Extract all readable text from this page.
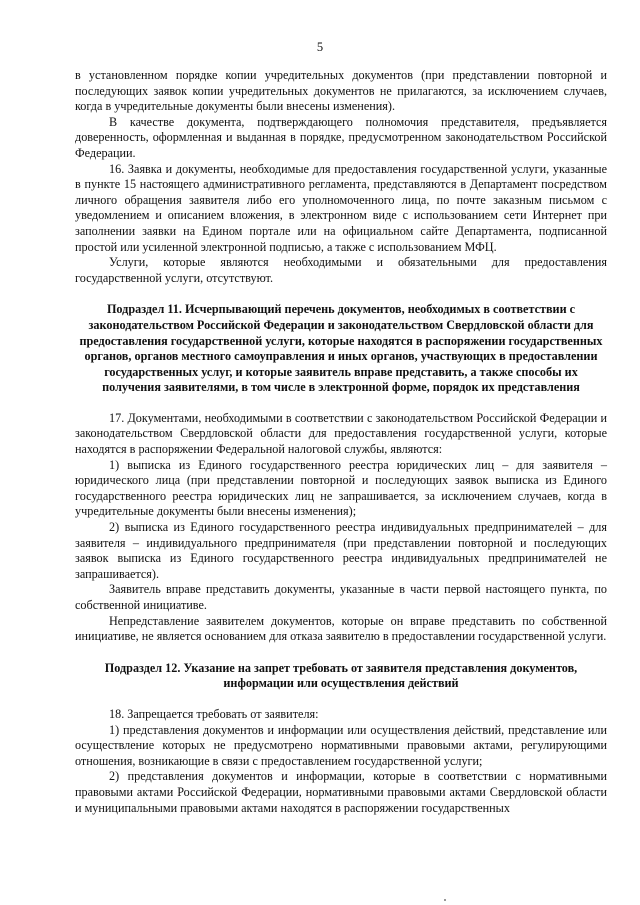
5

в установленном порядке копии учредительных документов (при представлении повторной и последующих заявок копии учредительных документов не прилагаются, за исключением случаев, когда в учредительные документы были внесены изменения).

В качестве документа, подтверждающего полномочия представителя, предъявляется доверенность, оформленная и выданная в порядке, предусмотренном законодательством Российской Федерации.

16. Заявка и документы, необходимые для предоставления государственной услуги, указанные в пункте 15 настоящего административного регламента, представляются в Департамент посредством личного обращения заявителя либо его уполномоченного лица, по почте заказным письмом с уведомлением и описанием вложения, в электронном виде с использованием сети Интернет при заполнении заявки на Едином портале или на официальном сайте Департамента, подписанной простой или усиленной электронной подписью, а также с использованием МФЦ.

Услуги, которые являются необходимыми и обязательными для предоставления государственной услуги, отсутствуют.

Подраздел 11. Исчерпывающий перечень документов, необходимых в соответствии с законодательством Российской Федерации и законодательством Свердловской области для предоставления государственной услуги, которые находятся в распоряжении государственных органов, органов местного самоуправления и иных органов, участвующих в предоставлении государственных услуг, и которые заявитель вправе представить, а также способы их получения заявителями, в том числе в электронной форме, порядок их представления

17. Документами, необходимыми в соответствии с законодательством Российской Федерации и законодательством Свердловской области для предоставления государственной услуги, которые находятся в распоряжении Федеральной налоговой службы, являются:

1) выписка из Единого государственного реестра юридических лиц – для заявителя – юридического лица (при представлении повторной и последующих заявок выписка из Единого государственного реестра юридических лиц не запрашивается, за исключением случаев, когда в учредительные документы были внесены изменения);

2) выписка из Единого государственного реестра индивидуальных предпринимателей – для заявителя – индивидуального предпринимателя (при представлении повторной и последующих заявок выписка из Единого государственного реестра индивидуальных предпринимателей не запрашивается).

Заявитель вправе представить документы, указанные в части первой настоящего пункта, по собственной инициативе.

Непредставление заявителем документов, которые он вправе представить по собственной инициативе, не является основанием для отказа заявителю в предоставлении государственной услуги.

Подраздел 12. Указание на запрет требовать от заявителя представления документов, информации или осуществления действий

18. Запрещается требовать от заявителя:

1) представления документов и информации или осуществления действий, представление или осуществление которых не предусмотрено нормативными правовыми актами, регулирующими отношения, возникающие в связи с предоставлением государственной услуги;

2) представления документов и информации, которые в соответствии с нормативными правовыми актами Российской Федерации, нормативными правовыми актами Свердловской области и муниципальными правовыми актами находятся в распоряжении государственных
